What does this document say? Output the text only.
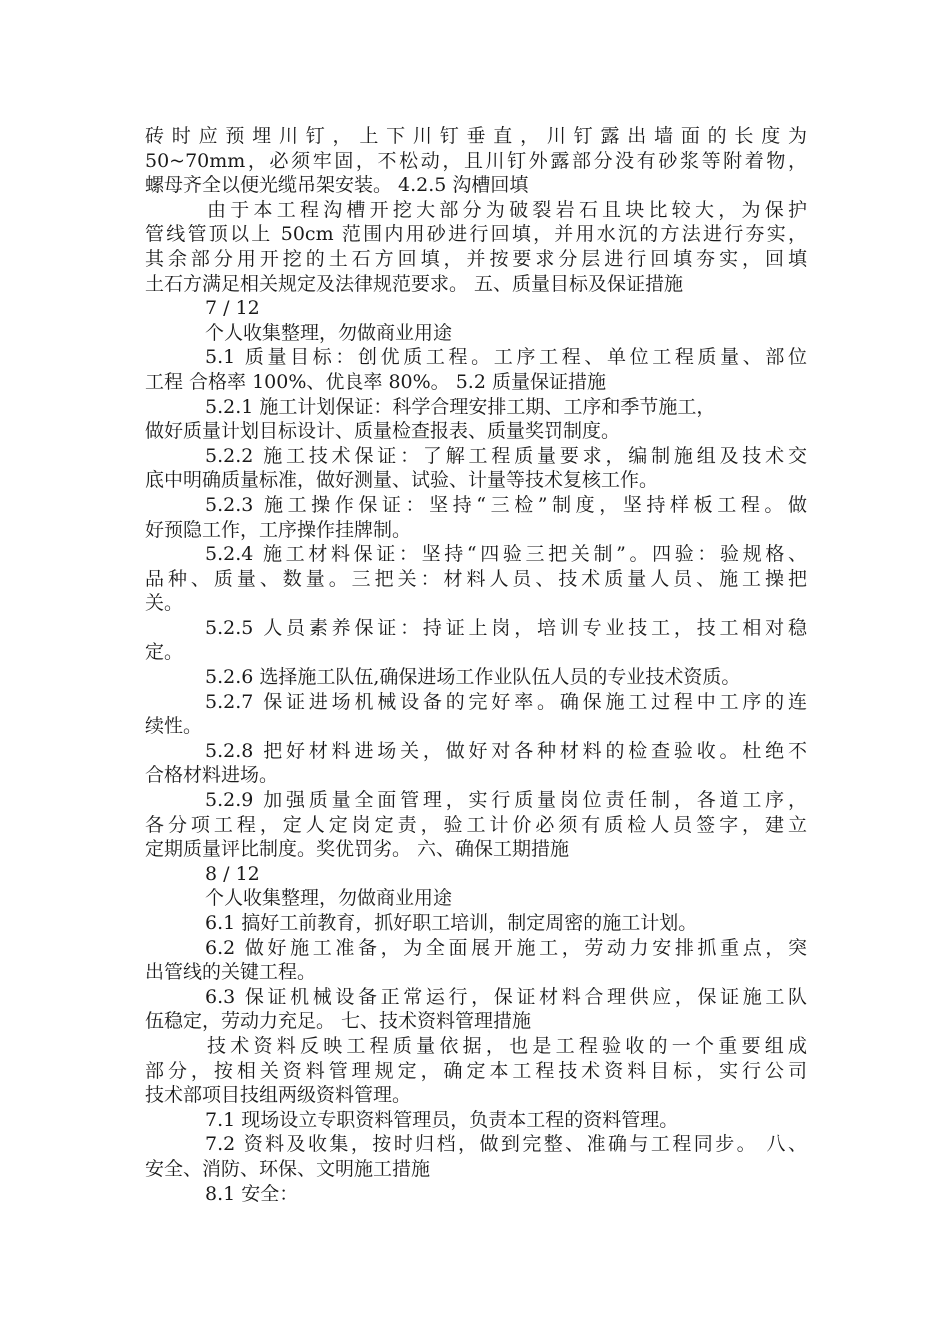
砖时应预埋川钉，上下川钉垂直，川钉露出墙面的长度为
50~70mm，必须牢固，不松动，且川钉外露部分没有砂浆等附着物，
螺母齐全以便光缆吊架安装。 4.2.5 沟槽回填
由于本工程沟槽开挖大部分为破裂岩石且块比较大，为保护
管线管顶以上 50cm 范围内用砂进行回填，并用水沉的方法进行夯实，
其余部分用开挖的土石方回填，并按要求分层进行回填夯实，回填
土石方满足相关规定及法律规范要求。 五、质量目标及保证措施
7 / 12
个人收集整理，勿做商业用途
5.1 质量目标：创优质工程。工序工程、单位工程质量、部位
工程 合格率 100%、优良率 80%。 5.2 质量保证措施
5.2.1 施工计划保证：科学合理安排工期、工序和季节施工，
做好质量计划目标设计、质量检查报表、质量奖罚制度。
5.2.2 施工技术保证：了解工程质量要求，编制施组及技术交
底中明确质量标准，做好测量、试验、计量等技术复核工作。
5.2.3 施工操作保证：坚持“三检”制度，坚持样板工程。做
好预隐工作，工序操作挂牌制。
5.2.4 施工材料保证：坚持“四验三把关制”。四验：验规格、
品种、质量、数量。三把关：材料人员、技术质量人员、施工操把
关。
5.2.5 人员素养保证：持证上岗，培训专业技工，技工相对稳
定。
5.2.6 选择施工队伍,确保进场工作业队伍人员的专业技术资质。
5.2.7 保证进场机械设备的完好率。确保施工过程中工序的连
续性。
5.2.8 把好材料进场关，做好对各种材料的检查验收。杜绝不
合格材料进场。
5.2.9 加强质量全面管理，实行质量岗位责任制，各道工序，
各分项工程，定人定岗定责，验工计价必须有质检人员签字，建立
定期质量评比制度。奖优罚劣。 六、确保工期措施
8 / 12
个人收集整理，勿做商业用途
6.1 搞好工前教育，抓好职工培训，制定周密的施工计划。
6.2 做好施工准备，为全面展开施工，劳动力安排抓重点，突
出管线的关键工程。
6.3 保证机械设备正常运行，保证材料合理供应，保证施工队
伍稳定，劳动力充足。 七、技术资料管理措施
技术资料反映工程质量依据，也是工程验收的一个重要组成
部分，按相关资料管理规定，确定本工程技术资料目标，实行公司
技术部项目技组两级资料管理。
7.1 现场设立专职资料管理员，负责本工程的资料管理。
7.2 资料及收集，按时归档，做到完整、准确与工程同步。 八、
安全、消防、环保、文明施工措施
8.1 安全：
